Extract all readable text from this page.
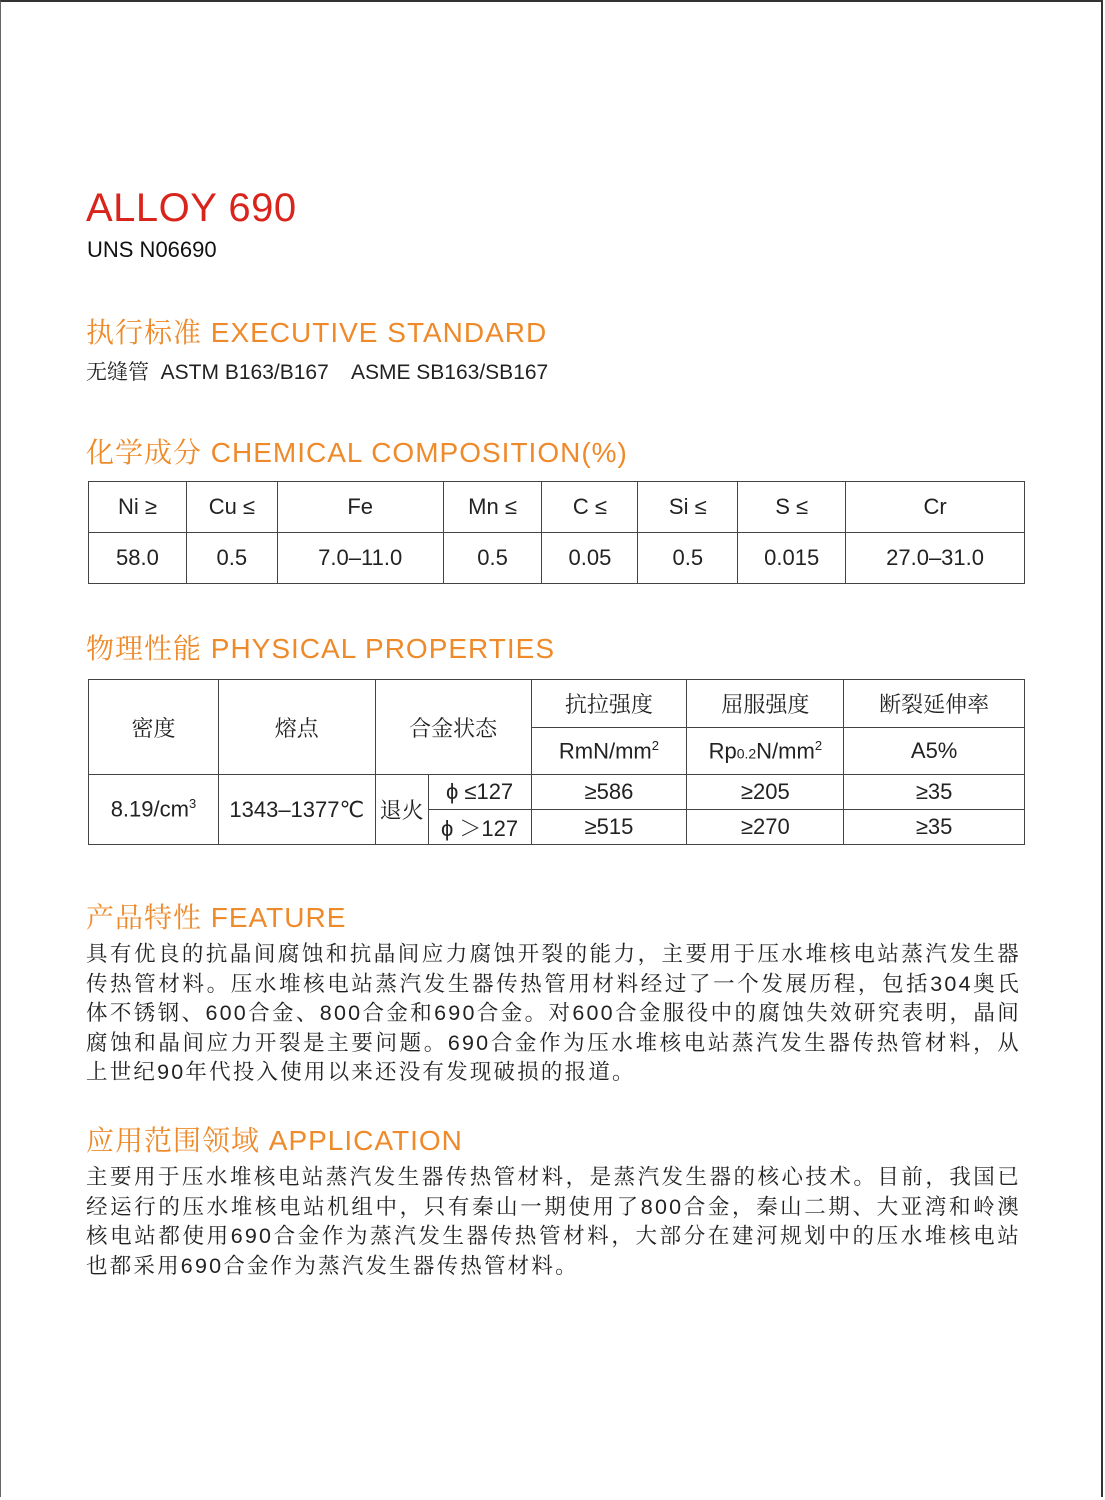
ALLOY 690
UNS N06690
执行标准 EXECUTIVE STANDARD
无缝管  ASTM B163/B167    ASME SB163/SB167
化学成分 CHEMICAL COMPOSITION(%)
Ni ≥	Cu ≤	Fe	Mn ≤	C ≤	Si ≤	S ≤	Cr
58.0	0.5	7.0–11.0	0.5	0.05	0.5	0.015	27.0–31.0
物理性能 PHYSICAL PROPERTIES
密度	熔点	合金状态		抗拉强度	屈服强度	断裂延伸率
				RmN/$mm^2$	$Rp0.2N/mm^2$	A5%
$8.19/cm^3$	1343–1377℃	退火	ϕ ≤127	≥586	≥205	≥35
			ϕ ＞127	≥515	≥270	≥35
产品特性 FEATURE

具有优良的抗晶间腐蚀和抗晶间应力腐蚀开裂的能力，主要用于压水堆核电站蒸汽发生器传热管材料。压水堆核电站蒸汽发生器传热管用材料经过了一个发展历程，包括304奥氏体不锈钢、600合金、800合金和690合金。对600合金服役中的腐蚀失效研究表明，晶间腐蚀和晶间应力开裂是主要问题。690合金作为压水堆核电站蒸汽发生器传热管材料，从上世纪90年代投入使用以来还没有发现破损的报道。

应用范围领域 APPLICATION

主要用于压水堆核电站蒸汽发生器传热管材料，是蒸汽发生器的核心技术。目前，我国已经运行的压水堆核电站机组中，只有秦山一期使用了800合金，秦山二期、大亚湾和岭澳核电站都使用690合金作为蒸汽发生器传热管材料，大部分在建河规划中的压水堆核电站也都采用690合金作为蒸汽发生器传热管材料。
